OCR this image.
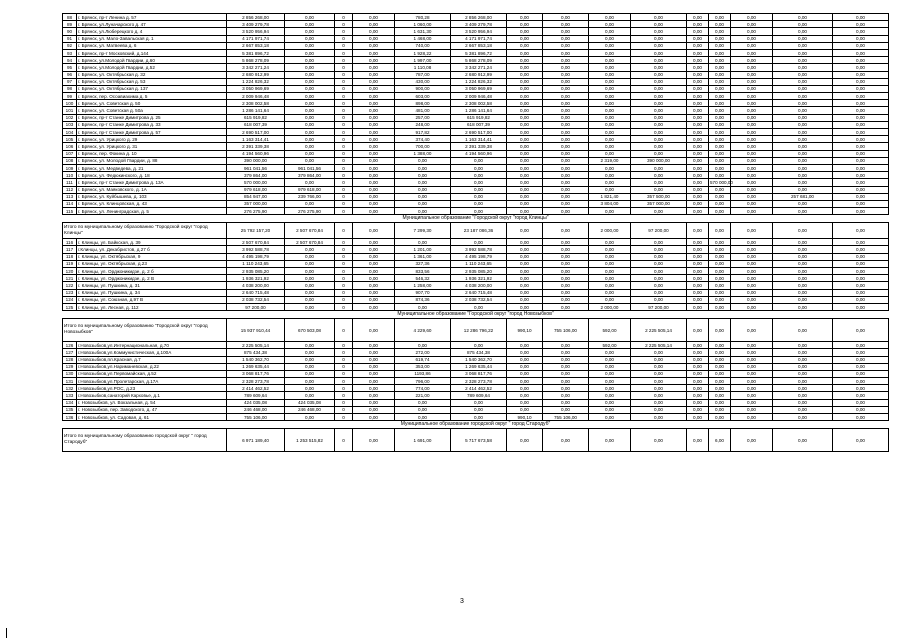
88	г. Брянск, пр-т Ленина д. 57	2 856 268,00	0,00	0	0,00	780,28	2 856 268,00	0,00	0,00	0,00	0,00	0,00	0,00	0,00	0,00	0,00
89	г. Брянск, ул.Луначарского д. 47	3 409 279,78	0,00	0	0,00	1 060,00	3 409 279,78	0,00	0,00	0,00	0,00	0,00	0,00	0,00	0,00	0,00
90	г. Брянск, ул.Люберецкого д. 4	3 520 956,94	0,00	0	0,00	1 631,30	3 520 956,94	0,00	0,00	0,00	0,00	0,00	0,00	0,00	0,00	0,00
91	г. Брянск, ул. Мало-Завальская д. 1	4 171 971,74	0,00	0	0,00	1 468,00	4 171 971,74	0,00	0,00	0,00	0,00	0,00	0,00	0,00	0,00	0,00
92	г. Брянск, ул. Матвеева д. 6	2 667 853,18	0,00	0	0,00	740,00	2 667 853,18	0,00	0,00	0,00	0,00	0,00	0,00	0,00	0,00	0,00
93	г. Брянск, пр-т Московский, д.144	5 381 896,72	0,00	0	0,00	1 928,22	5 381 896,72	0,00	0,00	0,00	0,00	0,00	0,00	0,00	0,00	0,00
94	г. Брянск, ул.Молодой Гвардии, д.60	5 868 278,09	0,00	0	0,00	1 997,00	5 868 278,09	0,00	0,00	0,00	0,00	0,00	0,00	0,00	0,00	0,00
95	г. Брянск, ул.Молодой Гвардии, д.52	3 342 271,24	0,00	0	0,00	1 110,08	3 342 271,24	0,00	0,00	0,00	0,00	0,00	0,00	0,00	0,00	0,00
96	г. Брянск, ул. Октябрьская д. 32	2 680 912,99	0,00	0	0,00	787,00	2 680 912,99	0,00	0,00	0,00	0,00	0,00	0,00	0,00	0,00	0,00
97	г. Брянск, ул. Октябрьская д. 53	1 224 826,32	0,00	0	0,00	430,00	1 224 826,32	0,00	0,00	0,00	0,00	0,00	0,00	0,00	0,00	0,00
98	г. Брянск, ул. Октябрьская д. 137	3 050 969,69	0,00	0	0,00	900,00	3 050 969,69	0,00	0,00	0,00	0,00	0,00	0,00	0,00	0,00	0,00
99	г. Брянск, пер. Осоавиахима д. 5	2 009 946,48	0,00	0	0,00	603,00	2 009 946,48	0,00	0,00	0,00	0,00	0,00	0,00	0,00	0,00	0,00
100	г. Брянск, ул. Советская д. 50	2 308 002,58	0,00	0	0,00	898,00	2 308 002,58	0,00	0,00	0,00	0,00	0,00	0,00	0,00	0,00	0,00
101	г. Брянск, ул. Советская д. 50а	1 286 141,64	0,00	0	0,00	481,00	1 286 141,64	0,00	0,00	0,00	0,00	0,00	0,00	0,00	0,00	0,00
102	г. Брянск, пр-т Станке Димитрова д. 25	615 919,82	0,00	0	0,00	257,00	615 919,82	0,00	0,00	0,00	0,00	0,00	0,00	0,00	0,00	0,00
103	г. Брянск, пр-т Станке Димитрова д. 33	618 007,39	0,00	0	0,00	248,00	618 007,39	0,00	0,00	0,00	0,00	0,00	0,00	0,00	0,00	0,00
104	г. Брянск, пр-т Станке Димитрова д. 57	2 690 517,00	0,00	0	0,00	917,82	2 690 517,00	0,00	0,00	0,00	0,00	0,00	0,00	0,00	0,00	0,00
105	г. Брянск, ул. Урицкого д. 29	1 163 314,41	0,00	0	0,00	374,40	1 163 314,41	0,00	0,00	0,00	0,00	0,00	0,00	0,00	0,00	0,00
106	г. Брянск, ул. Урицкого д. 31	2 391 339,38	0,00	0	0,00	700,00	2 391 339,38	0,00	0,00	0,00	0,00	0,00	0,00	0,00	0,00	0,00
107	г. Брянск, пер. Фокина д. 10	4 194 560,96	0,00	0	0,00	1 388,00	4 194 560,96	0,00	0,00	0,00	0,00	0,00	0,00	0,00	0,00	0,00
108	г. Брянск, ул. Молодой Гвардии, д. 88	390 000,00	0,00	0	0,00	0,00	0,00	0,00	0,00	2 319,00	390 000,00	0,00	0,00	0,00	0,00	0,00
109	г. Брянск, ул. Медведева, д. 21	961 041,56	961 041,56	0	0,00	0,00	0,00	0,00	0,00	0,00	0,00	0,00	0,00	0,00	0,00	0,00
110	г. Брянск, ул. Федюкинского, д. 18	379 864,00	379 864,00	0	0,00	0,00	0,00	0,00	0,00	0,00	0,00	0,00	0,00	0,00	0,00	0,00
111	г. Брянск, пр-т Станке Димитрова д. 13А	570 000,00	0,00	0	0,00	0,00	0,00	0,00	0,00	0,00	0,00	0,00	570 000,00	0,00	0,00	0,00
112	г. Брянск, ул. Маяковского, д. 1А	979 618,00	979 618,00	0	0,00	0,00	0,00	0,00	0,00	0,00	0,00	0,00	0,00	0,00	0,00	0,00
113	г. Брянск, ул. Куйбышева, д. 103	854 947,00	239 766,00	0	0,00	0,00	0,00	0,00	0,00	1 821,40	357 500,00	0,00	0,00	0,00	257 681,00	0,00
114	г. Брянск, ул. Клинцовская, д. 43	357 000,00	0,00	0	0,00	0,00	0,00	0,00	0,00	3 804,00	357 000,00	0,00	0,00	0,00	0,00	0,00
115	г. Брянск, ул. Ленинградская, д. 5	276 275,90	276 275,90	0	0,00	0,00	0,00	0,00	0,00	0,00	0,00	0,00	0,00	0,00	0,00	0,00
Муниципальное образование "Городской округ "город Клинцы"																
Итого по муниципальному образованию "Городской округ "город Клинцы"		25 792 157,20	2 507 670,84	0	0,00	7 299,30	23 187 086,36	0,00	0,00	2 000,00	97 200,00	0,00	0,00	0,00	0,00	0,00
116	г. Клинцы, ул. Байкская, д. 39	2 507 670,84	2 507 670,84	0	0,00	0,00	0,00	0,00	0,00	0,00	0,00	0,00	0,00	0,00	0,00	0,00
117	г.Клинцы, ул. Декабристов, д.27 б	3 992 588,78	0,00	0	0,00	1 201,00	3 992 588,78	0,00	0,00	0,00	0,00	0,00	0,00	0,00	0,00	0,00
118	г. Клинцы, ул. Октябрьская, 9	4 495 198,79	0,00	0	0,00	1 361,00	4 495 198,79	0,00	0,00	0,00	0,00	0,00	0,00	0,00	0,00	0,00
119	г. Клинцы, ул. Октябрьская, д.23	1 110 243,65	0,00	0	0,00	327,36	1 110 243,65	0,00	0,00	0,00	0,00	0,00	0,00	0,00	0,00	0,00
120	г. Клинцы, ул. Орджоникидзе, д. 2 б	2 935 085,20	0,00	0	0,00	833,56	2 935 085,20	0,00	0,00	0,00	0,00	0,00	0,00	0,00	0,00	0,00
121	г. Клинцы, ул. Орджоникидзе, д. 2 В	1 936 321,92	0,00	0	0,00	546,32	1 936 321,92	0,00	0,00	0,00	0,00	0,00	0,00	0,00	0,00	0,00
122	г. Клинцы, ул. Пушкина, д. 31	4 038 200,00	0,00	0	0,00	1 258,00	4 038 200,00	0,00	0,00	0,00	0,00	0,00	0,00	0,00	0,00	0,00
123	г. Клинцы, ул. Пушкина, д. 34	2 640 715,48	0,00	0	0,00	907,70	2 640 715,48	0,00	0,00	0,00	0,00	0,00	0,00	0,00	0,00	0,00
124	г. Клинцы, ул. Союзная, д.97 В	2 038 732,54	0,00	0	0,00	874,36	2 038 732,54	0,00	0,00	0,00	0,00	0,00	0,00	0,00	0,00	0,00
125	г. Клинцы, ул. Лесная, д. 112	97 200,00	0,00	0	0,00	0,00	0,00	0,00	0,00	2 000,00	97 200,00	0,00	0,00	0,00	0,00	0,00
Муниципальное образование "Городской округ "город Новозыбков"																
Итого по муниципальному образованию "Городской округ "город Новозыбков"		15 937 910,44	670 503,08	0	0,00	4 229,60	12 286 796,22	990,10	755 106,00	592,00	2 225 505,14	0,00	0,00	0,00	0,00	0,00
126	г.Новозыбков,ул.Интернациональная, д.70	2 225 505,14	0,00	0	0,00	0,00	0,00	0,00	0,00	592,00	2 225 505,14	0,00	0,00	0,00	0,00	0,00
127	г.Новозыбков,ул.Коммунистическая, д.100А	875 434,38	0,00	0	0,00	272,00	875 434,38	0,00	0,00	0,00	0,00	0,00	0,00	0,00	0,00	0,00
128	г.Новозыбков,пл.Красная, д.7	1 540 362,70	0,00	0	0,00	619,74	1 540 362,70	0,00	0,00	0,00	0,00	0,00	0,00	0,00	0,00	0,00
129	г.Новозыбков,ул.Нариманевская, д.22	1 269 635,44	0,00	0	0,00	353,00	1 269 635,44	0,00	0,00	0,00	0,00	0,00	0,00	0,00	0,00	0,00
130	г.Новозыбков,ул.Первомайская, д.52	3 068 817,76	0,00	0	0,00	1193,86	3 068 817,76	0,00	0,00	0,00	0,00	0,00	0,00	0,00	0,00	0,00
131	г.Новозыбков,ул.Пролетарская, д.17А	2 328 273,78	0,00	0	0,00	796,00	2 328 273,78	0,00	0,00	0,00	0,00	0,00	0,00	0,00	0,00	0,00
132	г.Новозыбков,ул.РОС, д.23	2 414 462,52	0,00	0	0,00	774,00	2 414 462,52	0,00	0,00	0,00	0,00	0,00	0,00	0,00	0,00	0,00
133	г.Новозыбков,санаторий Карховье, д.1	789 609,64	0,00	0	0,00	221,00	789 609,64	0,00	0,00	0,00	0,00	0,00	0,00	0,00	0,00	0,00
134	г. Новозыбков, ул. Вокзальная, д. 54	424 035,08	424 035,08	0	0,00	0,00	0,00	0,00	0,00	0,00	0,00	0,00	0,00	0,00	0,00	0,00
135	г. Новозыбков, пер. Заводского, д. 47	246 468,00	246 468,00	0	0,00	0,00	0,00	0,00	0,00	0,00	0,00	0,00	0,00	0,00	0,00	0,00
136	г. Новозыбков, ул. Садовая, д. 61	755 106,00	0,00	0	0,00	0,00	0,00	990,10	755 106,00	0,00	0,00	0,00	0,00	0,00	0,00	0,00
Муниципальное образование городской округ " город Стародуб"																
Итого по муниципальному образованию городской округ " город Стародуб"		6 971 189,40	1 253 515,82	0	0,00	1 691,00	5 717 673,58	0,00	0,00	0,00	0,00	0,00	6,00	0,00	0,00	0,00
3
